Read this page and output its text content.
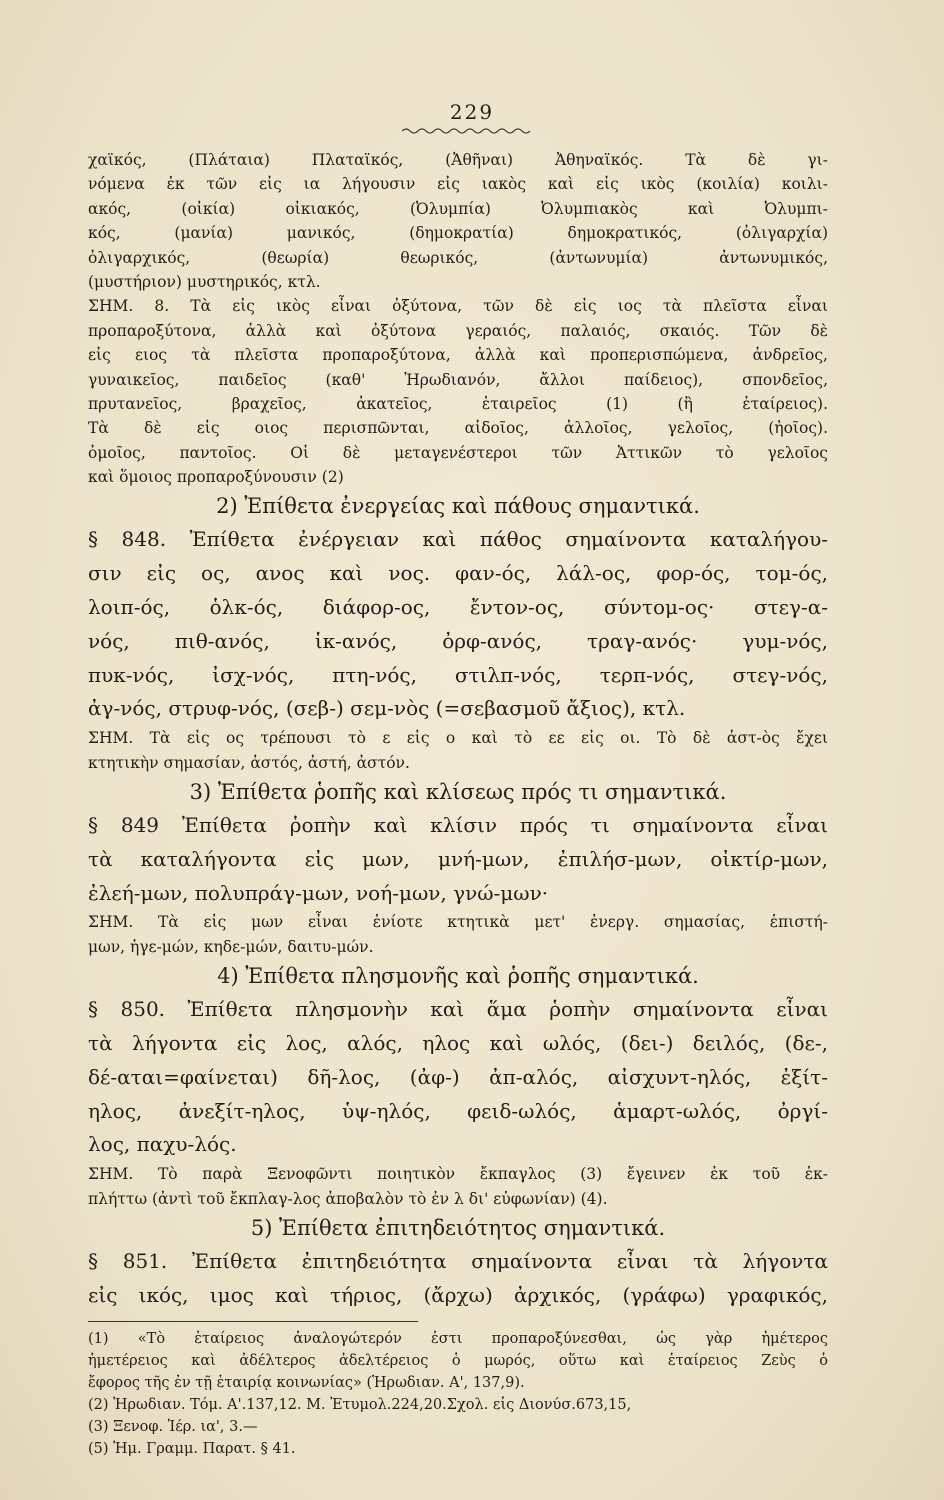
229
χαϊκός, (Πλάταια) Πλαταϊκός, (Ἀθῆναι) Ἀθηναϊκός. Τὰ δὲ γι-
νόμενα ἐκ τῶν εἰς ια λήγουσιν εἰς ιακὸς καὶ εἰς ικὸς (κοιλία) κοιλι-
ακός, (οἰκία) οἰκιακός, (Ὀλυμπία) Ὀλυμπιακὸς καὶ Ὀλυμπι-
κός, (μανία) μανικός, (δημοκρατία) δημοκρατικός, (ὀλιγαρχία)
ὀλιγαρχικός, (θεωρία) θεωρικός, (ἀντωνυμία) ἀντωνυμικός,
(μυστήριον) μυστηρικός, κτλ.
ΣΗΜ. 8. Τὰ εἰς ικὸς εἶναι ὀξύτονα, τῶν δὲ εἰς ιος τὰ πλεῖστα εἶναι
προπαροξύτονα, ἀλλὰ καὶ ὀξύτονα γεραιός, παλαιός, σκαιός. Τῶν δὲ
εἰς ειος τὰ πλεῖστα προπαροξύτονα, ἀλλὰ καὶ προπερισπώμενα, ἀνδρεῖος,
γυναικεῖος, παιδεῖος (καθ' Ἡρωδιανόν, ἄλλοι παίδειος), σπονδεῖος,
πρυτανεῖος, βραχεῖος, ἀκατεῖος, ἑταιρεῖος (1) (ἢ ἑταίρειος).
Τὰ δὲ εἰς οιος περισπῶνται, αἰδοῖος, ἀλλοῖος, γελοῖος, (ἠοῖος).
ὁμοῖος, παντοῖος. Οἱ δὲ μεταγενέστεροι τῶν Ἀττικῶν τὸ γελοῖος
καὶ ὅμοιος προπαροξύνουσιν (2)
2) Ἐπίθετα ἐνεργείας καὶ πάθους σημαντικά.
§ 848. Ἐπίθετα ἐνέργειαν καὶ πάθος σημαίνοντα καταλήγου-
σιν εἰς ος, ανος καὶ νος. φαν-ός, λάλ-ος, φορ-ός, τομ-ός,
λοιπ-ός, ὁλκ-ός, διάφορ-ος, ἔντον-ος, σύντομ-ος· στεγ-α-
νός, πιθ-ανός, ἱκ-ανός, ὀρφ-ανός, τραγ-ανός· γυμ-νός,
πυκ-νός, ἰσχ-νός, πτη-νός, στιλπ-νός, τερπ-νός, στεγ-νός,
ἀγ-νός, στρυφ-νός, (σεβ-) σεμ-νὸς (=σεβασμοῦ ἄξιος), κτλ.
ΣΗΜ. Τὰ εἰς ος τρέπουσι τὸ ε εἰς ο καὶ τὸ εε εἰς οι. Τὸ δὲ ἀστ-ὸς ἔχει
κτητικὴν σημασίαν, ἀστός, ἀστή, ἀστόν.
3) Ἐπίθετα ῥοπῆς καὶ κλίσεως πρός τι σημαντικά.
§ 849 Ἐπίθετα ῥοπὴν καὶ κλίσιν πρός τι σημαίνοντα εἶναι
τὰ καταλήγοντα εἰς μων, μνή-μων, ἐπιλήσ-μων, οἰκτίρ-μων,
ἐλεή-μων, πολυπράγ-μων, νοή-μων, γνώ-μων·
ΣΗΜ. Τὰ εἰς μων εἶναι ἐνίοτε κτητικὰ μετ' ἐνεργ. σημασίας, ἐπιστή-
μων, ἡγε-μών, κηδε-μών, δαιτυ-μών.
4) Ἐπίθετα πλησμονῆς καὶ ῥοπῆς σημαντικά.
§ 850. Ἐπίθετα πλησμονὴν καὶ ἅμα ῥοπὴν σημαίνοντα εἶναι
τὰ λήγοντα εἰς λος, αλός, ηλος καὶ ωλός, (δει-) δειλός, (δε-,
δέ-αται=φαίνεται) δῆ-λος, (ἀφ-) ἀπ-αλός, αἰσχυντ-ηλός, ἐξίτ-
ηλος, ἀνεξίτ-ηλος, ὑψ-ηλός, φειδ-ωλός, ἁμαρτ-ωλός, ὀργί-
λος, παχυ-λός.
ΣΗΜ. Τὸ παρὰ Ξενοφῶντι ποιητικὸν ἔκπαγλος (3) ἔγεινεν ἐκ τοῦ ἐκ-
πλήττω (ἀντὶ τοῦ ἔκπλαγ-λος ἀποβαλὸν τὸ ἐν λ δι' εὐφωνίαν) (4).
5) Ἐπίθετα ἐπιτηδειότητος σημαντικά.
§ 851. Ἐπίθετα ἐπιτηδειότητα σημαίνοντα εἶναι τὰ λήγοντα
εἰς ικός, ιμος καὶ τήριος, (ἄρχω) ἀρχικός, (γράφω) γραφικός,
(1) «Τὸ ἑταίρειος ἀναλογώτερόν ἐστι προπαροξύνεσθαι, ὡς γὰρ ἡμέτερος
ἡμετέρειος καὶ ἀδέλτερος ἀδελτέρειος ὁ μωρός, οὕτω καὶ ἑταίρειος Ζεὺς ὁ
ἔφορος τῆς ἐν τῇ ἑταιρίᾳ κοινωνίας» (Ἡρωδιαν. Α', 137,9).
(2) Ἡρωδιαν. Τόμ. Α'.137,12. Μ. Ἐτυμολ.224,20.Σχολ. εἰς Διονύσ.673,15,
(3) Ξενοφ. Ἱέρ. ια', 3.—
(5) Ἡμ. Γραμμ. Παρατ. § 41.
